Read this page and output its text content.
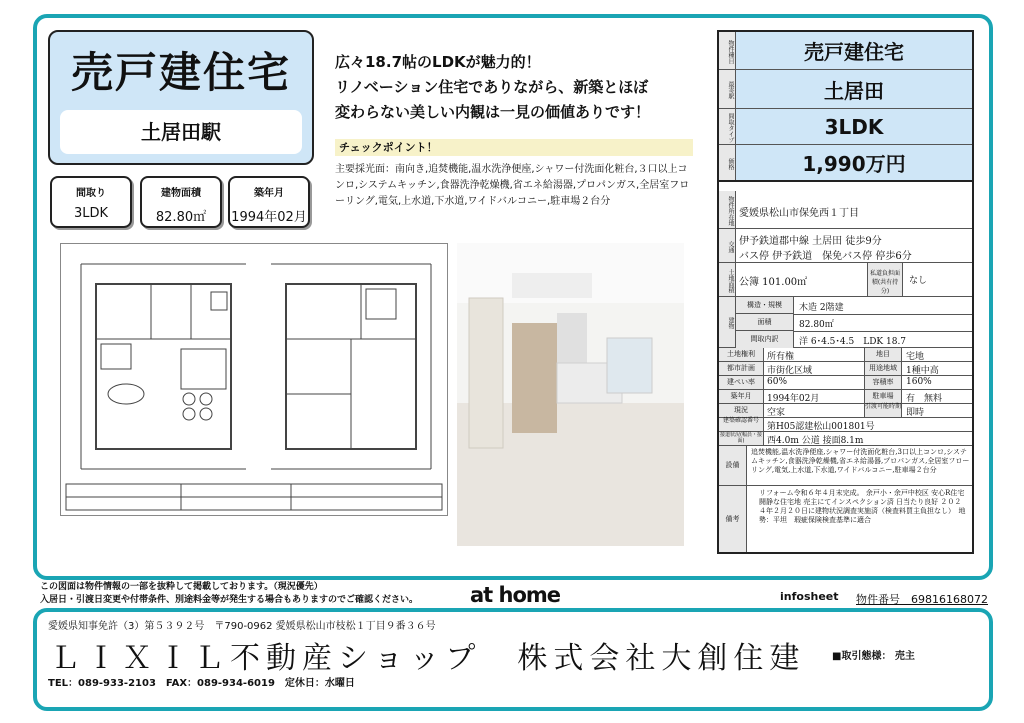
売戸建住宅
土居田駅
間取り
3LDK
建物面積
82.80㎡
築年月
1994年02月
広々18.7帖のLDKが魅力的！
リノベーション住宅でありながら、新築とほぼ
変わらない美しい内観は一見の価値ありです！
チェックポイント！
主要採光面：南向き,追焚機能,温水洗浄便座,シャワー付洗面化粧台,３口以上コンロ,システムキッチン,食器洗浄乾燥機,省エネ給湯器,プロパンガス,全居室フローリング,電気,上水道,下水道,ワイドバルコニー,駐車場２台分
物件種目	売戸建住宅
最寄駅	土居田
間取タイプ	3LDK
価格	1,990万円
物件所在地 愛媛県松山市保免西１丁目
交通 伊予鉄道郡中線 土居田 徒歩9分
バス停 伊予鉄道　保免バス停 停歩6分
土地面積 公簿 101.00㎡
私道負担面積(共有持分)
なし
建物
構造・規模	木造 2階建
面積	82.80㎡
間取内訳	洋 6･4.5･4.5　LDK 18.7
土地権利	所有権	地目	宅地
都市計画	市街化区域	用途地域	1種中高
建ぺい率	60%	容積率	160%
築年月	1994年02月	駐車場	有　無料
現況	空家
引渡可能時期
即時
建築確認番号
第H05認建松山001801号
接道状況(幅員・接面)	西4.0m 公道 接面8.1m
設備
追焚機能,温水洗浄便座,シャワー付洗面化粧台,3口以上コンロ,システムキッチン,食器洗浄乾燥機,省エネ給湯器,プロパンガス,全居室フローリング,電気,上水道,下水道,ワイドバルコニー,駐車場２台分
備考
リフォーム令和６年４月末完成。 余戸小・余戸中校区 安心R住宅 闘静な住宅地 売主にてインスペクション済 日当たり良好 ２０２４年２月２０日に建物状況調査実施済（検査料買主負担なし）　地勢：平坦　瑕疵保険検査基準に適合
この図面は物件情報の一部を抜粋して掲載しております。（現況優先）
入居日・引渡日変更や付帯条件、別途料金等が発生する場合もありますのでご確認ください。 at home	infosheet 物件番号　69816168072
愛媛県知事免許（3）第５３９２号　〒790-0962 愛媛県松山市枝松１丁目９番３６号
ＬＩＸＩＬ不動産ショップ　株式会社大創住建
TEL：089-933-2103　FAX：089-934-6019　定休日：水曜日
■取引態様： 売主
